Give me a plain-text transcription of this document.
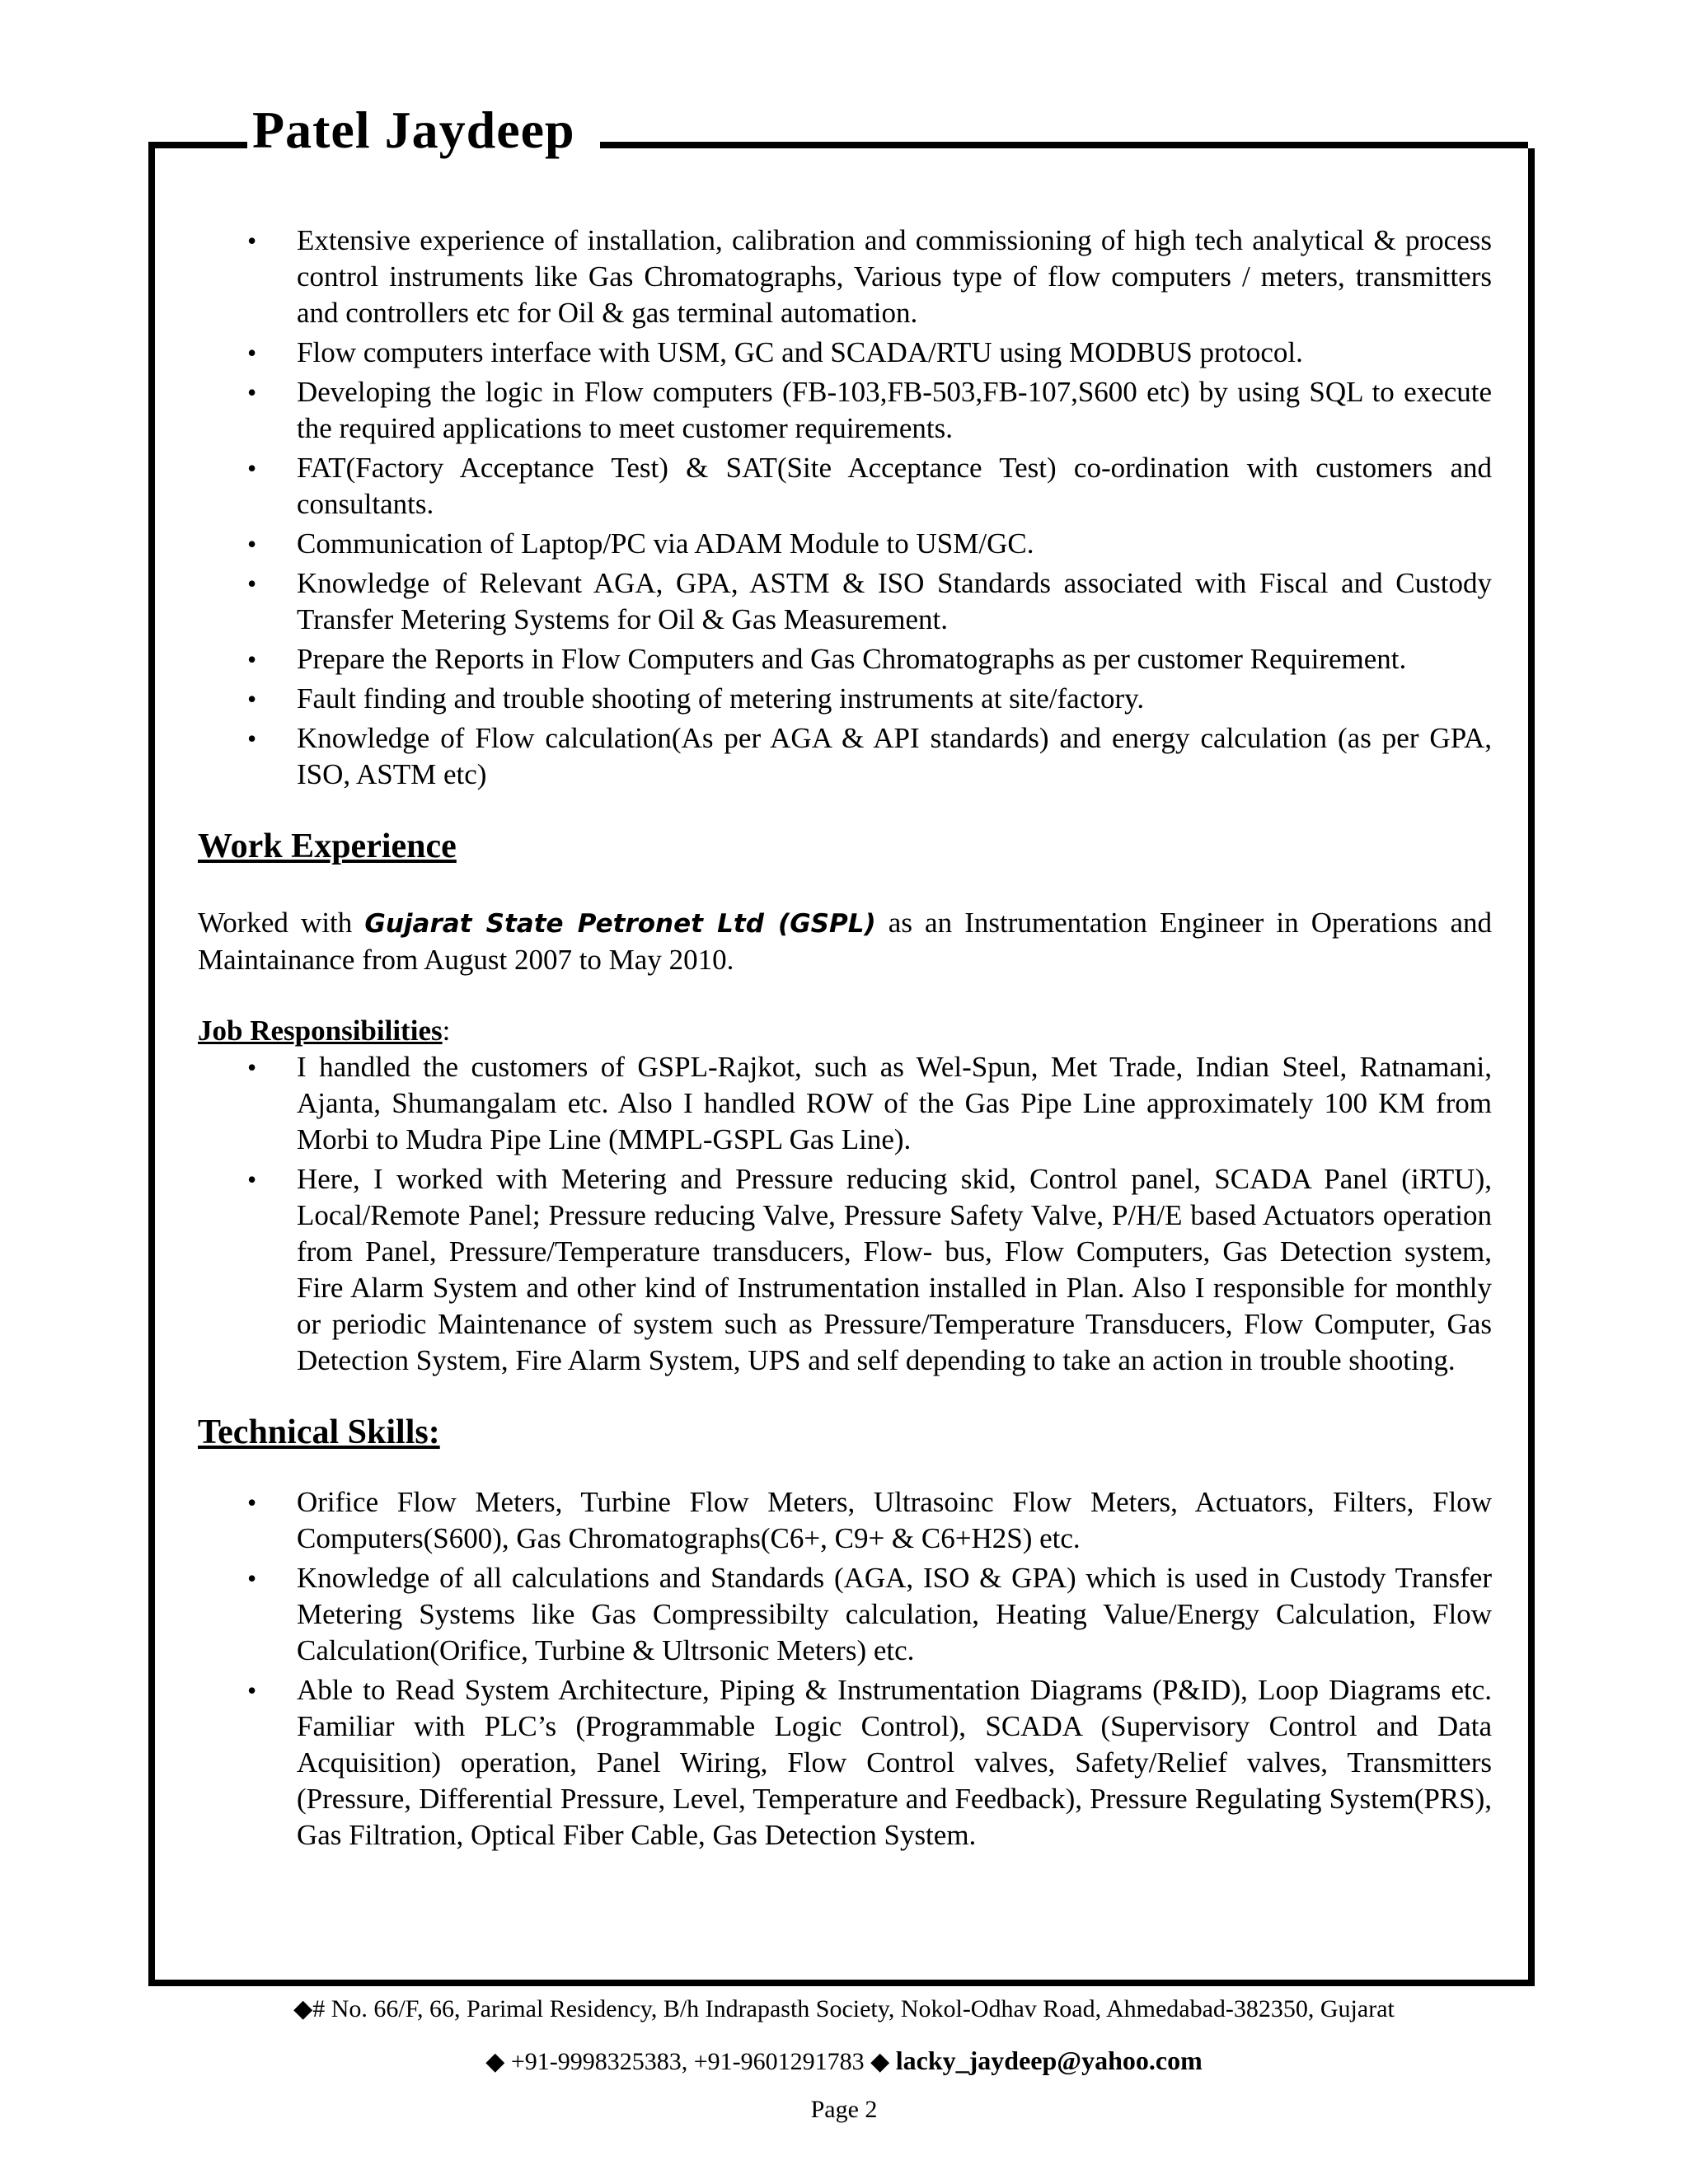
Patel Jaydeep
• Extensive experience of installation, calibration and commissioning of high tech analytical & process control instruments like Gas Chromatographs, Various type of flow computers / meters, transmitters and controllers etc for Oil & gas terminal automation.
• Flow computers interface with USM, GC and SCADA/RTU using MODBUS protocol.
• Developing the logic in Flow computers (FB-103,FB-503,FB-107,S600 etc) by using SQL to execute the required applications to meet customer requirements.
• FAT(Factory Acceptance Test) & SAT(Site Acceptance Test) co-ordination with customers and consultants.
• Communication of Laptop/PC via ADAM Module to USM/GC.
• Knowledge of Relevant AGA, GPA, ASTM & ISO Standards associated with Fiscal and Custody Transfer Metering Systems for Oil & Gas Measurement.
• Prepare the Reports in Flow Computers and Gas Chromatographs as per customer Requirement.
• Fault finding and trouble shooting of metering instruments at site/factory.
• Knowledge of Flow calculation(As per AGA & API standards) and energy calculation (as per GPA, ISO, ASTM etc)
Work Experience

Worked with Gujarat State Petronet Ltd (GSPL) as an Instrumentation Engineer in Operations and Maintainance from August 2007 to May 2010.

Job Responsibilities:
• I handled the customers of GSPL-Rajkot, such as Wel-Spun, Met Trade, Indian Steel, Ratnamani, Ajanta, Shumangalam etc. Also I handled ROW of the Gas Pipe Line approximately 100 KM from Morbi to Mudra Pipe Line (MMPL-GSPL Gas Line).
• Here, I worked with Metering and Pressure reducing skid, Control panel, SCADA Panel (iRTU), Local/Remote Panel; Pressure reducing Valve, Pressure Safety Valve, P/H/E based Actuators operation from Panel, Pressure/Temperature transducers, Flow- bus, Flow Computers, Gas Detection system, Fire Alarm System and other kind of Instrumentation installed in Plan. Also I responsible for monthly or periodic Maintenance of system such as Pressure/Temperature Transducers, Flow Computer, Gas Detection System, Fire Alarm System, UPS and self depending to take an action in trouble shooting.
Technical Skills:
• Orifice Flow Meters, Turbine Flow Meters, Ultrasoinc Flow Meters, Actuators, Filters, Flow Computers(S600), Gas Chromatographs(C6+, C9+ & C6+H2S) etc.
• Knowledge of all calculations and Standards (AGA, ISO & GPA) which is used in Custody Transfer Metering Systems like Gas Compressibilty calculation, Heating Value/Energy Calculation, Flow Calculation(Orifice, Turbine & Ultrsonic Meters) etc.
• Able to Read System Architecture, Piping & Instrumentation Diagrams (P&ID), Loop Diagrams etc. Familiar with PLC’s (Programmable Logic Control), SCADA (Supervisory Control and Data Acquisition) operation, Panel Wiring, Flow Control valves, Safety/Relief valves, Transmitters (Pressure, Differential Pressure, Level, Temperature and Feedback), Pressure Regulating System(PRS), Gas Filtration, Optical Fiber Cable, Gas Detection System.
◆# No. 66/F, 66, Parimal Residency, B/h Indrapasth Society, Nokol-Odhav Road, Ahmedabad-382350, Gujarat
◆ +91-9998325383, +91-9601291783 ◆ lacky_jaydeep@yahoo.com
Page 2
